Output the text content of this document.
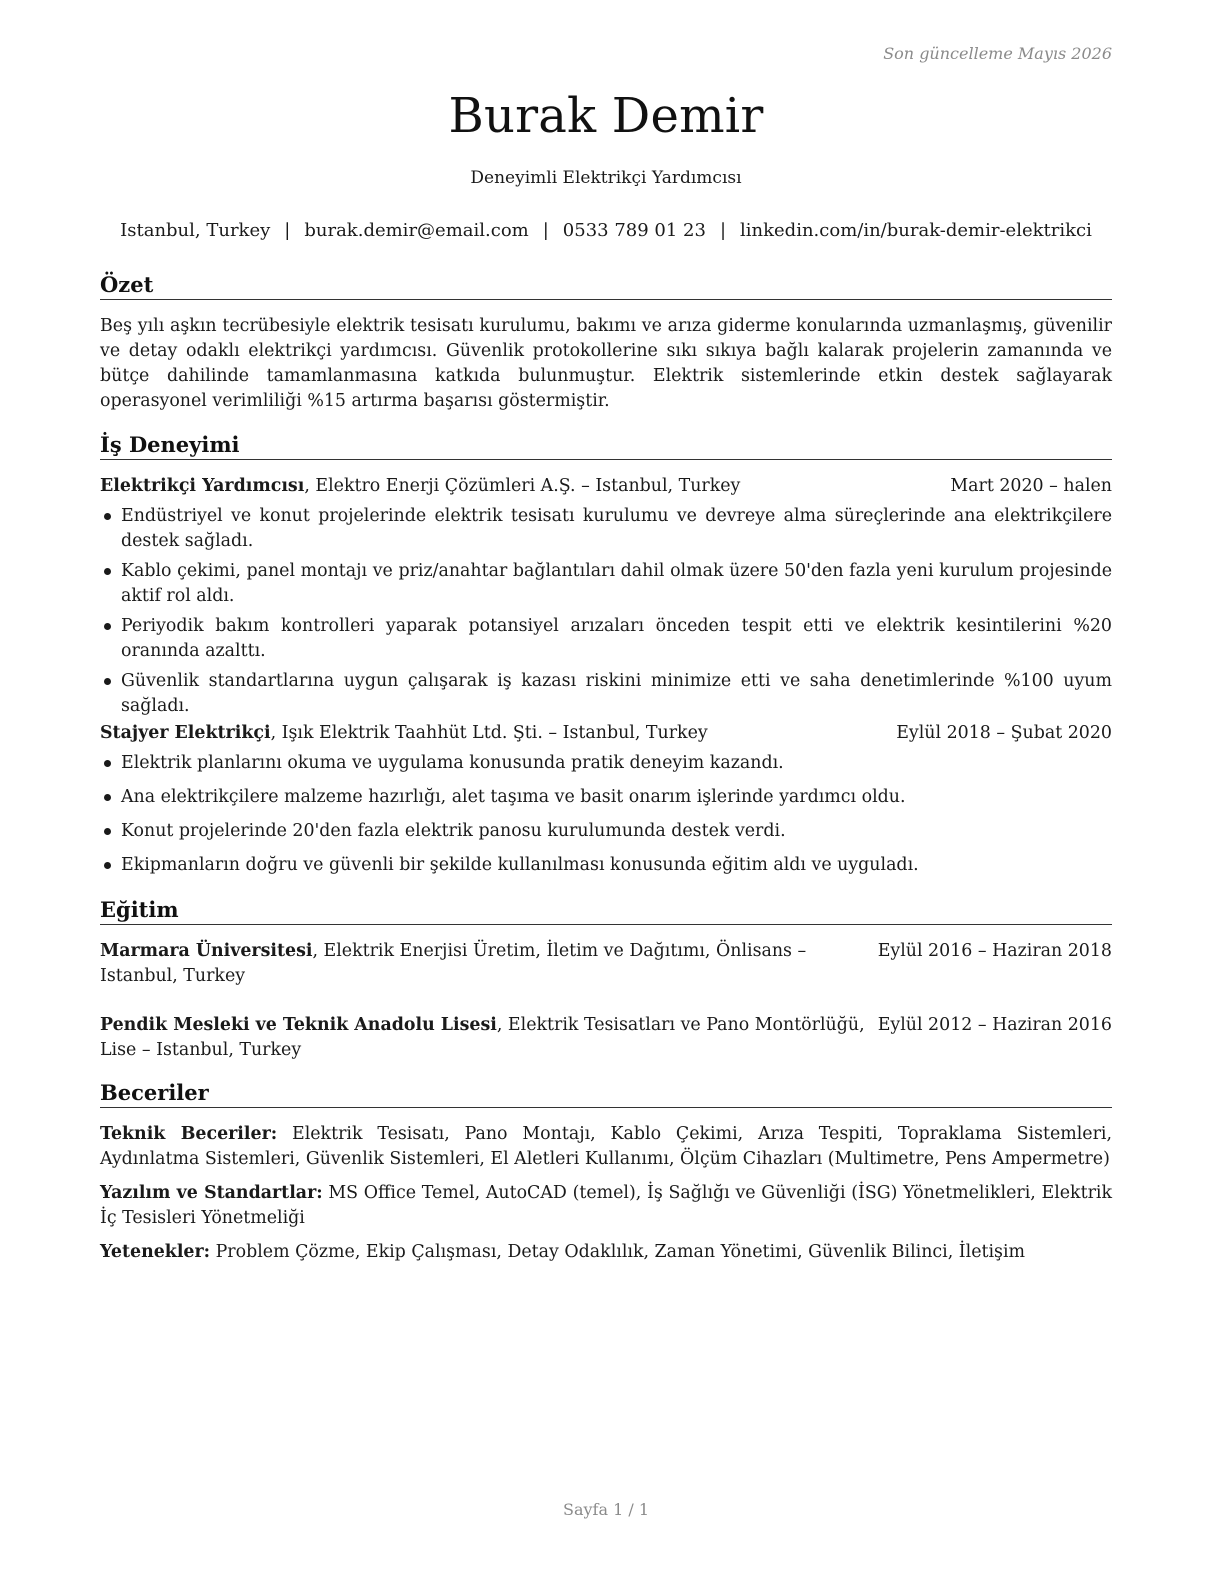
Son güncelleme Mayıs 2026
Burak Demir
Deneyimli Elektrikçi Yardımcısı
Istanbul, Turkey | burak.demir@email.com | 0533 789 01 23 | linkedin.com/in/burak-demir-elektrikci
Özet
Beş yılı aşkın tecrübesiyle elektrik tesisatı kurulumu, bakımı ve arıza giderme konularında uzmanlaşmış, güvenilir ve detay odaklı elektrikçi yardımcısı. Güvenlik protokollerine sıkı sıkıya bağlı kalarak projelerin zamanında ve bütçe dahilinde tamamlanmasına katkıda bulunmuştur. Elektrik sistemlerinde etkin destek sağlayarak operasyonel verimliliği %15 artırma başarısı göstermiştir.
İş Deneyimi
Elektrikçi Yardımcısı, Elektro Enerji Çözümleri A.Ş. – Istanbul, Turkey	Mart 2020 – halen
Endüstriyel ve konut projelerinde elektrik tesisatı kurulumu ve devreye alma süreçlerinde ana elektrikçilere destek sağladı.
Kablo çekimi, panel montajı ve priz/anahtar bağlantıları dahil olmak üzere 50'den fazla yeni kurulum projesinde aktif rol aldı.
Periyodik bakım kontrolleri yaparak potansiyel arızaları önceden tespit etti ve elektrik kesintilerini %20 oranında azalttı.
Güvenlik standartlarına uygun çalışarak iş kazası riskini minimize etti ve saha denetimlerinde %100 uyum sağladı.
Stajyer Elektrikçi, Işık Elektrik Taahhüt Ltd. Şti. – Istanbul, Turkey	Eylül 2018 – Şubat 2020
Elektrik planlarını okuma ve uygulama konusunda pratik deneyim kazandı.
Ana elektrikçilere malzeme hazırlığı, alet taşıma ve basit onarım işlerinde yardımcı oldu.
Konut projelerinde 20'den fazla elektrik panosu kurulumunda destek verdi.
Ekipmanların doğru ve güvenli bir şekilde kullanılması konusunda eğitim aldı ve uyguladı.
Eğitim
Eylül 2016 – Haziran 2018
Marmara Üniversitesi, Elektrik Enerjisi Üretim, İletim ve Dağıtımı, Önlisans – Istanbul, Turkey
Eylül 2012 – Haziran 2016
Pendik Mesleki ve Teknik Anadolu Lisesi, Elektrik Tesisatları ve Pano Montörlüğü, Lise – Istanbul, Turkey
Beceriler
Teknik Beceriler: Elektrik Tesisatı, Pano Montajı, Kablo Çekimi, Arıza Tespiti, Topraklama Sistemleri, Aydınlatma Sistemleri, Güvenlik Sistemleri, El Aletleri Kullanımı, Ölçüm Cihazları (Multimetre, Pens Ampermetre)
Yazılım ve Standartlar: MS Office Temel, AutoCAD (temel), İş Sağlığı ve Güvenliği (İSG) Yönetmelikleri, Elektrik İç Tesisleri Yönetmeliği
Yetenekler: Problem Çözme, Ekip Çalışması, Detay Odaklılık, Zaman Yönetimi, Güvenlik Bilinci, İletişim
Sayfa 1 / 1
